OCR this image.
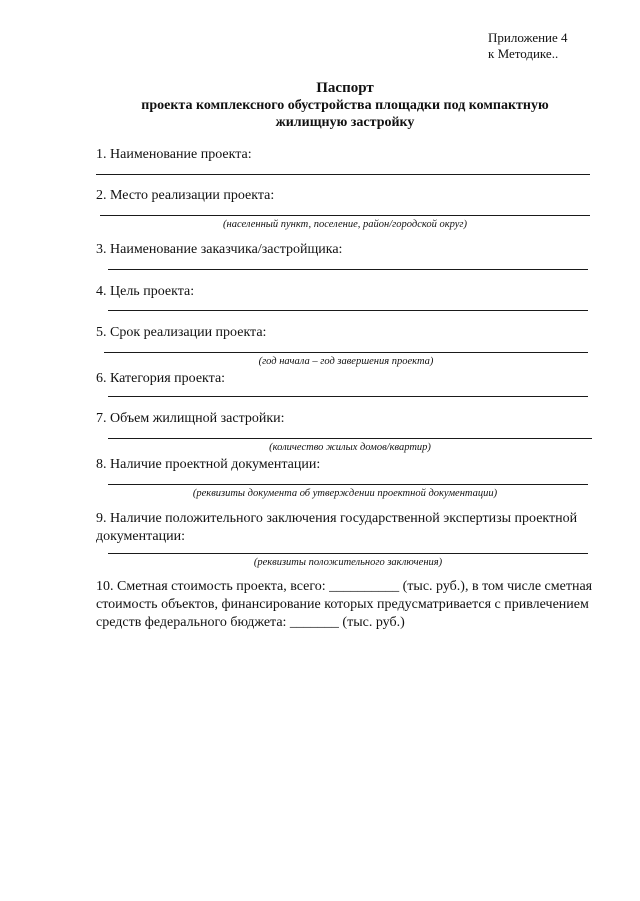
Приложение 4
к Методике..
Паспорт
проекта комплексного обустройства площадки под компактную
жилищную застройку
1. Наименование проекта:
2. Место реализации проекта:
(населенный пункт, поселение, район/городской округ)
3. Наименование заказчика/застройщика:
4. Цель проекта:
5. Срок реализации проекта:
(год начала – год завершения проекта)
6. Категория проекта:
7. Объем жилищной застройки:
(количество жилых домов/квартир)
8. Наличие проектной документации:
(реквизиты документа об утверждении проектной документации)
9. Наличие положительного заключения государственной экспертизы проектной
документации:
(реквизиты положительного заключения)
10. Сметная стоимость проекта, всего: __________ (тыс. руб.), в том числе сметная
стоимость объектов, финансирование которых предусматривается с привлечением
средств федерального бюджета: _______ (тыс. руб.)
